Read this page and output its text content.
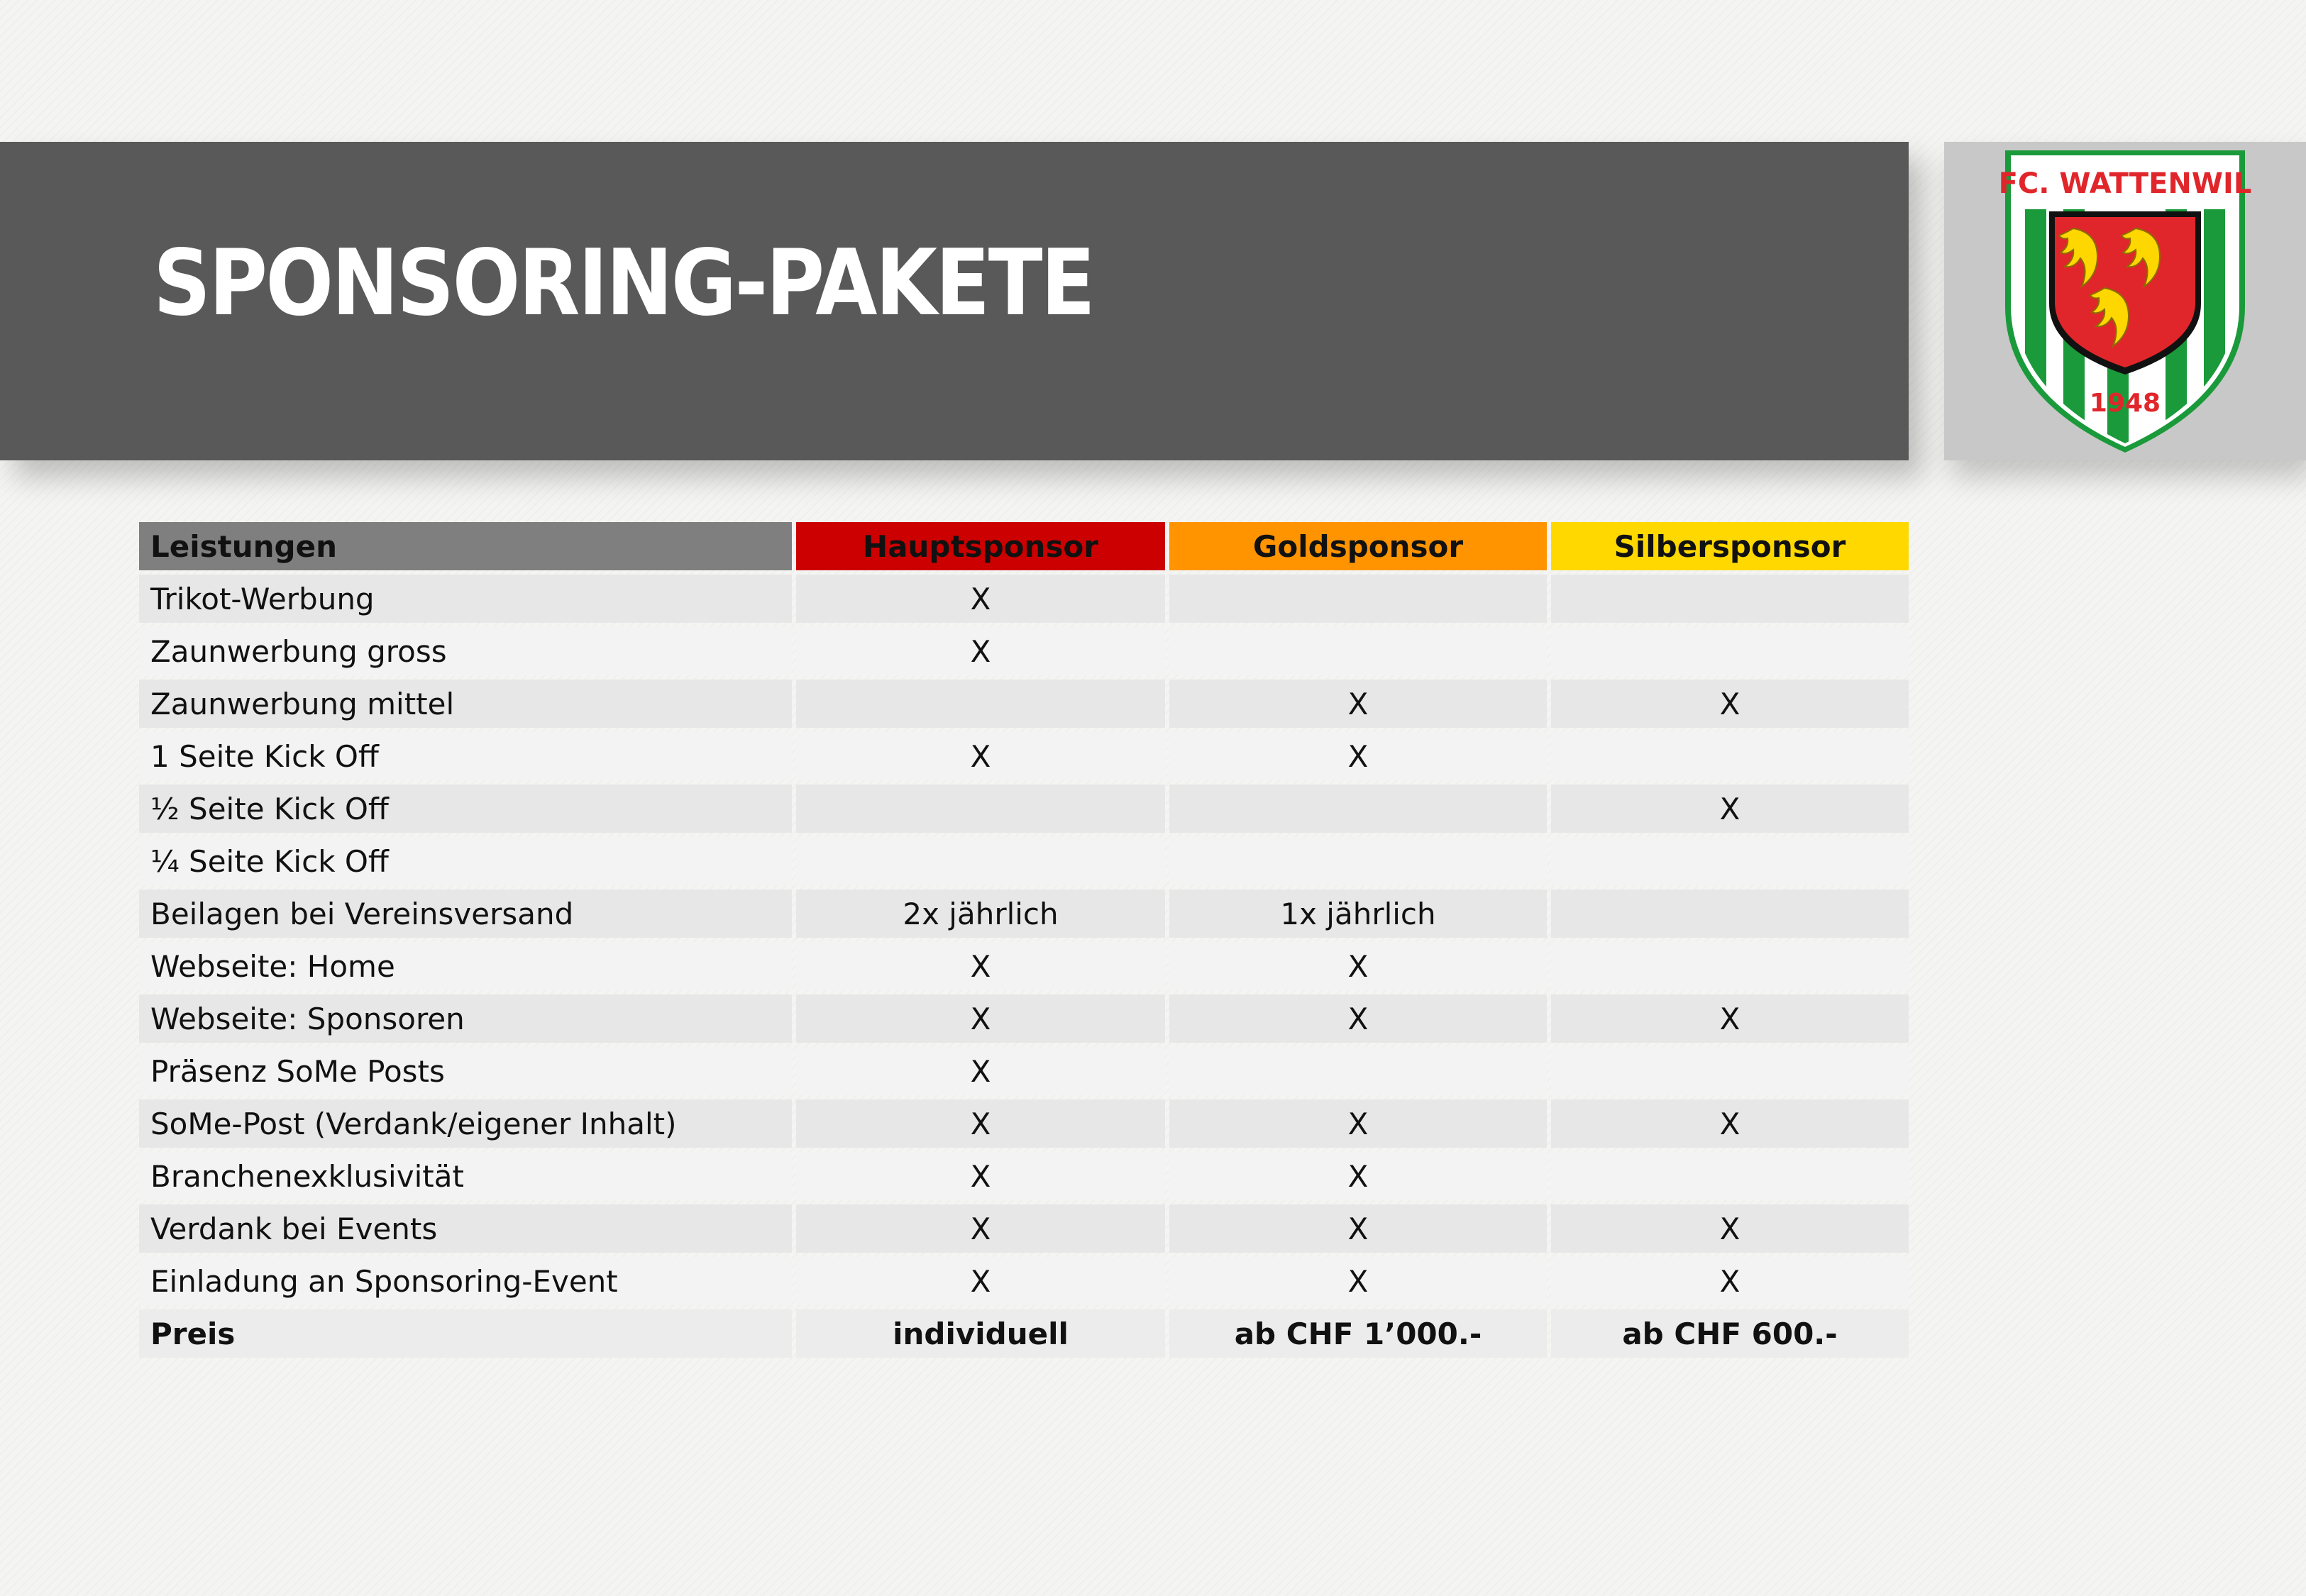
SPONSORING-PAKETE
FC. WATTENWIL
1948
Leistungen	Hauptsponsor	Goldsponsor	Silbersponsor
Trikot-Werbung	X		
Zaunwerbung gross	X		
Zaunwerbung mittel		X	X
1 Seite Kick Off	X	X	
½ Seite Kick Off			X
¼ Seite Kick Off			
Beilagen bei Vereinsversand	2x jährlich	1x jährlich	
Webseite: Home	X	X	
Webseite: Sponsoren	X	X	X
Präsenz SoMe Posts	X		
SoMe-Post (Verdank/eigener Inhalt)	X	X	X
Branchenexklusivität	X	X	
Verdank bei Events	X	X	X
Einladung an Sponsoring-Event	X	X	X
Preis	individuell	ab CHF 1’000.-	ab CHF 600.-
